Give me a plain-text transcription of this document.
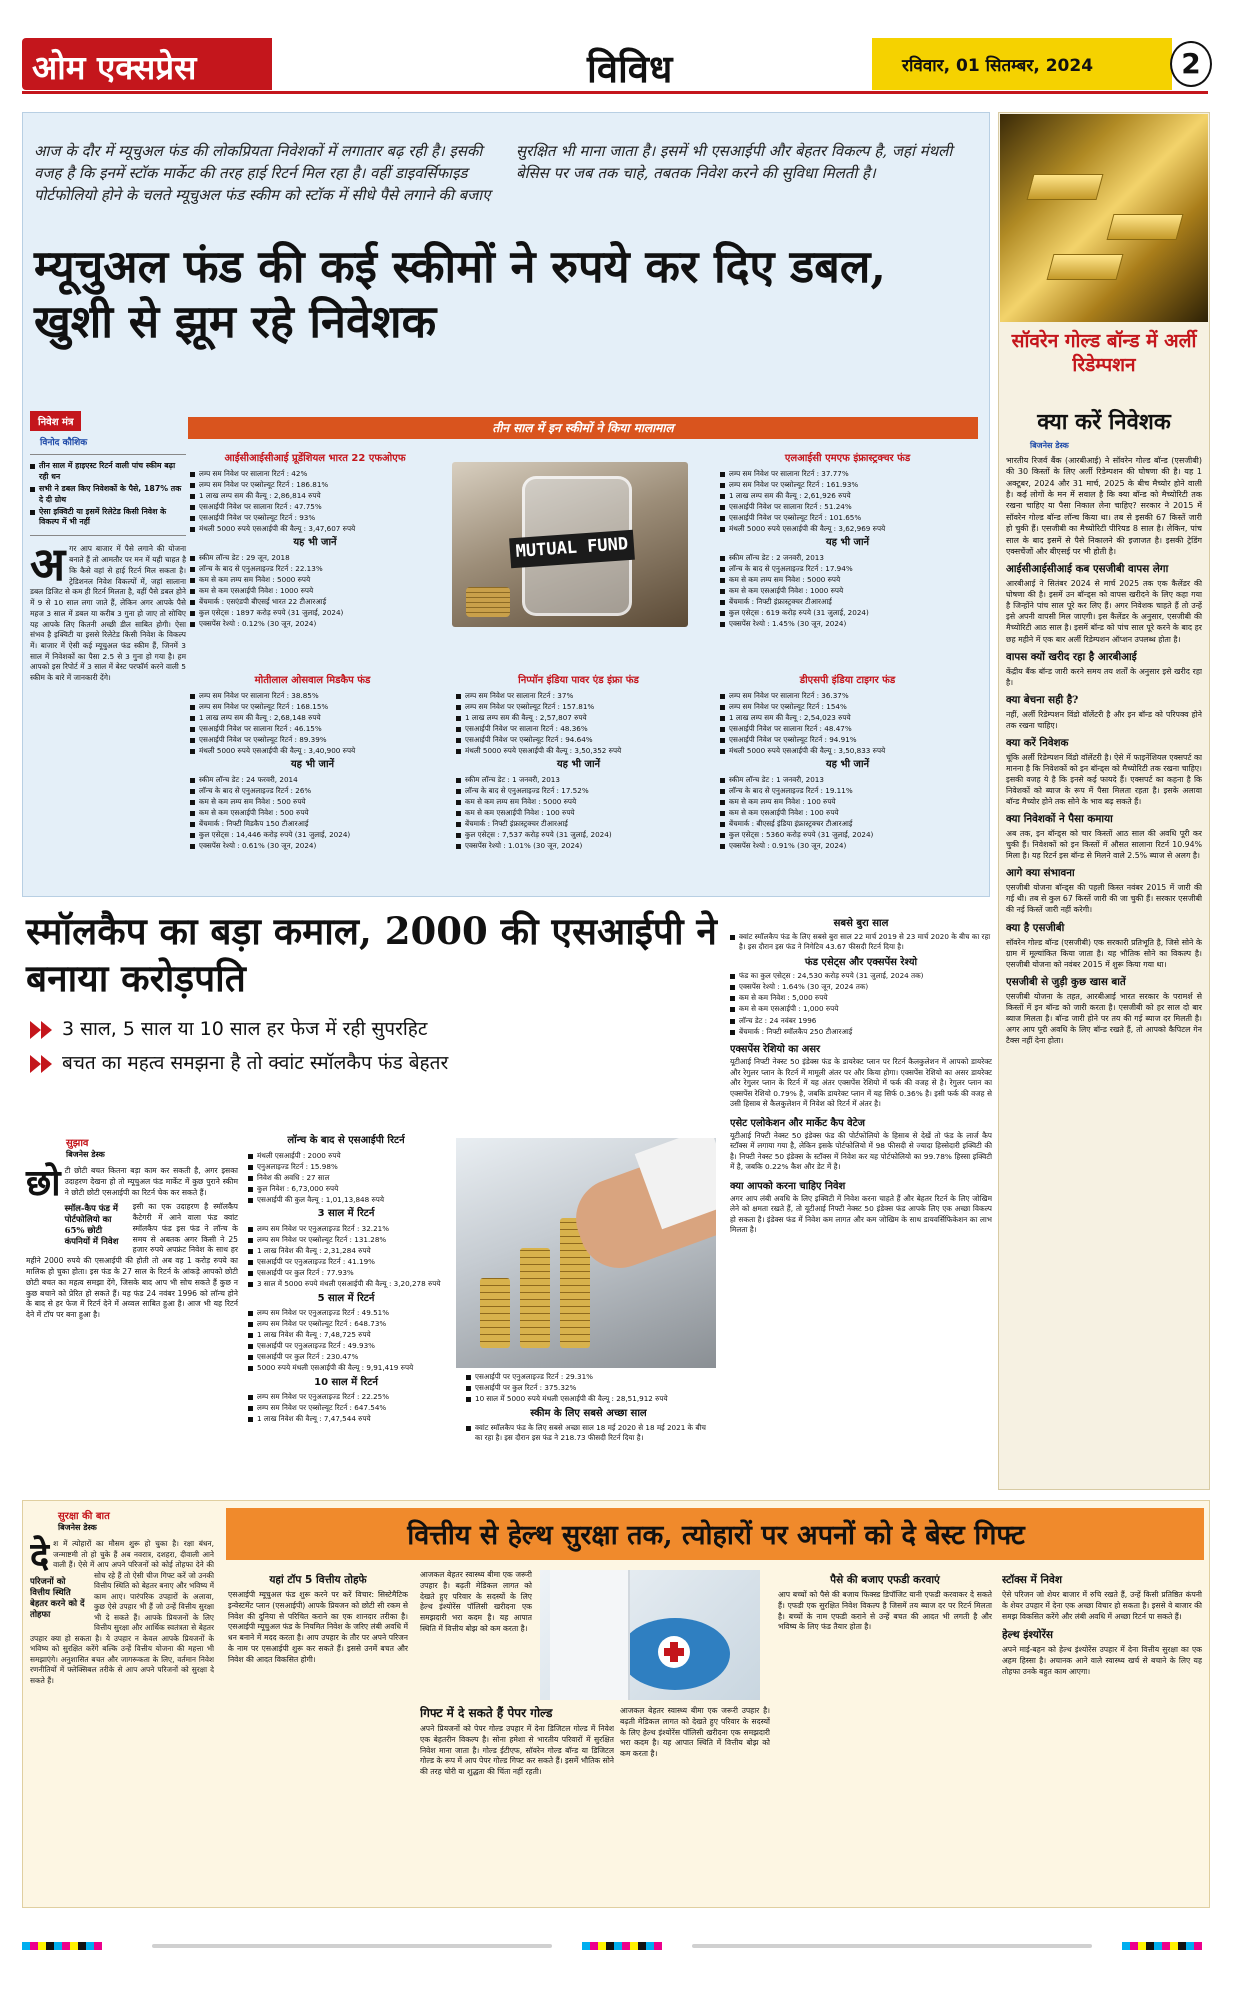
ओम एक्सप्रेस	विविध	रविवार, 01 सितम्बर, 2024	2
आज के दौर में म्यूचुअल फंड की लोकप्रियता निवेशकों में लगातार बढ़ रही है। इसकी वजह है कि इनमें स्टॉक मार्केट की तरह हाई रिटर्न मिल रहा है। वहीं डाइवर्सिफाइड पोर्टफोलियो होने के चलते म्यूचुअल फंड स्कीम को स्टॉक में सीधे पैसे लगाने की बजाए सुरक्षित भी माना जाता है। इसमें भी एसआईपी और बेहतर विकल्प है, जहां मंथली बेसिस पर जब तक चाहे, तबतक निवेश करने की सुविधा मिलती है।
म्यूचुअल फंड की कई स्कीमों ने रुपये कर दिए डबल, खुशी से झूम रहे निवेशक
निवेश मंत्र
विनोद कौशिक
तीन साल में हाइएस्ट रिटर्न वाली पांच स्कीम बढ़ा रही धन
सभी ने डबल किए निवेशकों के पैसे, 187% तक दे दी ग्रोथ
ऐसा इक्विटी या इसमें रिलेटेड किसी निवेश के विकल्प में भी नहीं
अ गर आप बाजार में पैसे लगाने की योजना बनाते हैं तो आमतौर पर मन में यही चाहत है कि कैसे वहां से हाई रिटर्न मिल सकता है। ट्रेडिशनल निवेश विकल्पों में, जहां सालाना डबल डिजिट से कम ही रिटर्न मिलता है, वहीं पैसे डबल होने में 9 से 10 साल लगा जाते हैं, लेकिन अगर आपके पैसे महज 3 साल में डबल या करीब 3 गुना हो जाए तो सोचिए यह आपके लिए कितनी अच्छी डील साबित होगी। ऐसा संभव है इक्विटी या इससे रिलेटेड किसी निवेश के विकल्प में। बाजार में ऐसी कई म्यूचुअल फंड स्कीम हैं, जिनमें 3 साल में निवेशकों का पैसा 2.5 से 3 गुना हो गया है। हम आपको इस रिपोर्ट में 3 साल में बेस्ट परफॉर्म करने वाली 5 स्कीम के बारे में जानकारी देंगे।
तीन साल में इन स्कीमों ने किया मालामाल
आईसीआईसीआई प्रूडेंशियल भारत 22 एफओएफ
लम्प सम निवेश पर सालाना रिटर्न : 42%
लम्प सम निवेश पर एब्सोल्यूट रिटर्न : 186.81%
1 लाख लम्प सम की वैल्यू : 2,86,814 रुपये
एसआईपी निवेश पर सालाना रिटर्न : 47.75%
एसआईपी निवेश पर एब्सोल्यूट रिटर्न : 93%
मंथली 5000 रुपये एसआईपी की वैल्यू : 3,47,607 रुपये
यह भी जानें
स्कीम लॉन्च डेट : 29 जून, 2018
लॉन्च के बाद से एनुअलाइज्ड रिटर्न : 22.13%
कम से कम लम्प सम निवेश : 5000 रुपये
कम से कम एसआईपी निवेश : 1000 रुपये
बेंचमार्क : एसएंडपी बीएसई भारत 22 टीआरआई
कुल एसेट्स : 1897 करोड़ रुपये (31 जुलाई, 2024)
एक्सपेंस रेश्यो : 0.12% (30 जून, 2024)
MUTUAL FUND
एलआईसी एमएफ इंफ्रास्ट्रक्चर फंड
लम्प सम निवेश पर सालाना रिटर्न : 37.77%
लम्प सम निवेश पर एब्सोल्यूट रिटर्न : 161.93%
1 लाख लम्प सम की वैल्यू : 2,61,926 रुपये
एसआईपी निवेश पर सालाना रिटर्न : 51.24%
एसआईपी निवेश पर एब्सोल्यूट रिटर्न : 101.65%
मंथली 5000 रुपये एसआईपी की वैल्यू : 3,62,969 रुपये
यह भी जानें
स्कीम लॉन्च डेट : 2 जनवरी, 2013
लॉन्च के बाद से एनुअलाइज्ड रिटर्न : 17.94%
कम से कम लम्प सम निवेश : 5000 रुपये
कम से कम एसआईपी निवेश : 1000 रुपये
बेंचमार्क : निफ्टी इंफ्रास्ट्रक्चर टीआरआई
कुल एसेट्स : 619 करोड़ रुपये (31 जुलाई, 2024)
एक्सपेंस रेश्यो : 1.45% (30 जून, 2024)
मोतीलाल ओसवाल मिडकैप फंड
लम्प सम निवेश पर सालाना रिटर्न : 38.85%
लम्प सम निवेश पर एब्सोल्यूट रिटर्न : 168.15%
1 लाख लम्प सम की वैल्यू : 2,68,148 रुपये
एसआईपी निवेश पर सालाना रिटर्न : 46.15%
एसआईपी निवेश पर एब्सोल्यूट रिटर्न : 89.39%
मंथली 5000 रुपये एसआईपी की वैल्यू : 3,40,900 रुपये
यह भी जानें
स्कीम लॉन्च डेट : 24 फरवरी, 2014
लॉन्च के बाद से एनुअलाइज्ड रिटर्न : 26%
कम से कम लम्प सम निवेश : 500 रुपये
कम से कम एसआईपी निवेश : 500 रुपये
बेंचमार्क : निफ्टी मिडकैप 150 टीआरआई
कुल एसेट्स : 14,446 करोड़ रुपये (31 जुलाई, 2024)
एक्सपेंस रेश्यो : 0.61% (30 जून, 2024)
निप्पॉन इंडिया पावर एंड इंफ्रा फंड
लम्प सम निवेश पर सालाना रिटर्न : 37%
लम्प सम निवेश पर एब्सोल्यूट रिटर्न : 157.81%
1 लाख लम्प सम की वैल्यू : 2,57,807 रुपये
एसआईपी निवेश पर सालाना रिटर्न : 48.36%
एसआईपी निवेश पर एब्सोल्यूट रिटर्न : 94.64%
मंथली 5000 रुपये एसआईपी की वैल्यू : 3,50,352 रुपये
यह भी जानें
स्कीम लॉन्च डेट : 1 जनवरी, 2013
लॉन्च के बाद से एनुअलाइज्ड रिटर्न : 17.52%
कम से कम लम्प सम निवेश : 5000 रुपये
कम से कम एसआईपी निवेश : 100 रुपये
बेंचमार्क : निफ्टी इंफ्रास्ट्रक्चर टीआरआई
कुल एसेट्स : 7,537 करोड़ रुपये (31 जुलाई, 2024)
एक्सपेंस रेश्यो : 1.01% (30 जून, 2024)
डीएसपी इंडिया टाइगर फंड
लम्प सम निवेश पर सालाना रिटर्न : 36.37%
लम्प सम निवेश पर एब्सोल्यूट रिटर्न : 154%
1 लाख लम्प सम की वैल्यू : 2,54,023 रुपये
एसआईपी निवेश पर सालाना रिटर्न : 48.47%
एसआईपी निवेश पर एब्सोल्यूट रिटर्न : 94.91%
मंथली 5000 रुपये एसआईपी की वैल्यू : 3,50,833 रुपये
यह भी जानें
स्कीम लॉन्च डेट : 1 जनवरी, 2013
लॉन्च के बाद से एनुअलाइज्ड रिटर्न : 19.11%
कम से कम लम्प सम निवेश : 100 रुपये
कम से कम एसआईपी निवेश : 100 रुपये
बेंचमार्क : बीएसई इंडिया इंफ्रास्ट्रक्चर टीआरआई
कुल एसेट्स : 5360 करोड़ रुपये (31 जुलाई, 2024)
एक्सपेंस रेश्यो : 0.91% (30 जून, 2024)
सॉवरेन गोल्ड बॉन्ड में अर्ली रिडेम्पशन
क्या करें निवेशक
बिजनेस डेस्क

भारतीय रिजर्व बैंक (आरबीआई) ने सॉवरेन गोल्ड बॉन्ड (एसजीबी) की 30 किस्तों के लिए अर्ली रिडेम्पशन की घोषणा की है। यह 1 अक्टूबर, 2024 और 31 मार्च, 2025 के बीच मैच्योर होने वाली है। कई लोगों के मन में सवाल है कि क्या बॉन्ड को मैच्योरिटी तक रखना चाहिए या पैसा निकाल लेना चाहिए? सरकार ने 2015 में सॉवरेन गोल्ड बॉन्ड लॉन्च किया था। तब से इसकी 67 किस्तें जारी हो चुकी हैं। एसजीबी का मैच्योरिटी पीरियड 8 साल है। लेकिन, पांच साल के बाद इसमें से पैसे निकालने की इजाजत है। इसकी ट्रेडिंग एक्सचेंजों और बीएसई पर भी होती है।

आईसीआईसीआई कब एसजीबी वापस लेगा

आरबीआई ने सितंबर 2024 से मार्च 2025 तक एक कैलेंडर की घोषणा की है। इसमें उन बॉन्ड्स को वापस खरीदने के लिए कहा गया है जिन्होंने पांच साल पूरे कर लिए हैं। अगर निवेशक चाहते हैं तो उन्हें इसे अपनी वापसी मिल जाएगी। इस कैलेंडर के अनुसार, एसजीबी की मैच्योरिटी आठ साल है। इसमें बॉन्ड को पांच साल पूरे करने के बाद हर छह महीने में एक बार अर्ली रिडेम्पशन ऑप्शन उपलब्ध होता है।

वापस क्यों खरीद रहा है आरबीआई

केंद्रीय बैंक बॉन्ड जारी करने समय तय शर्तों के अनुसार इसे खरीद रहा है।

क्या बेचना सही है?

नहीं, अर्ली रिडेम्पशन विंडो वॉलेंटरी है और इन बॉन्ड को परिपक्व होने तक रखना चाहिए।

क्या करें निवेशक

चूंकि अर्ली रिडेम्पशन विंडो वॉलेंटरी है। ऐसे में फाइनेंशियल एक्सपर्ट का मानना है कि निवेशकों को इन बॉन्ड्स को मैच्योरिटी तक रखना चाहिए। इसकी वजह ये है कि इनसे कई फायदे हैं। एक्सपर्ट का कहना है कि निवेशकों को ब्याज के रूप में पैसा मिलता रहता है। इसके अलावा बॉन्ड मैच्योर होने तक सोने के भाव बढ़ सकते हैं।

क्या निवेशकों ने पैसा कमाया

अब तक, इन बॉन्ड्स को चार किस्तों आठ साल की अवधि पूरी कर चुकी हैं। निवेशकों को इन किस्तों में औसत सालाना रिटर्न 10.94% मिला है। यह रिटर्न इस बॉन्ड से मिलने वाले 2.5% ब्याज से अलग है।

आगे क्या संभावना

एसजीबी योजना बॉन्ड्स की पहली किस्त नवंबर 2015 में जारी की गई थी। तब से कुल 67 किस्तें जारी की जा चुकी हैं। सरकार एसजीबी की नई किस्तें जारी नहीं करेगी।

क्या है एसजीबी

सॉवरेन गोल्ड बॉन्ड (एसजीबी) एक सरकारी प्रतिभूति है, जिसे सोने के ग्राम में मूल्यांकित किया जाता है। यह भौतिक सोने का विकल्प है। एसजीबी योजना को नवंबर 2015 में शुरू किया गया था।

एसजीबी से जुड़ी कुछ खास बातें

एसजीबी योजना के तहत, आरबीआई भारत सरकार के परामर्श से किस्तों में इन बॉन्ड को जारी करता है। एसजीबी को हर साल दो बार ब्याज मिलता है। बॉन्ड जारी होने पर तय की गई ब्याज दर मिलती है। अगर आप पूरी अवधि के लिए बॉन्ड रखते हैं, तो आपको कैपिटल गेन टैक्स नहीं देना होता।

स्मॉलकैप का बड़ा कमाल, 2000 की एसआईपी ने बनाया करोड़पति
3 साल, 5 साल या 10 साल हर फेज में रही सुपरहिट
बचत का महत्व समझना है तो क्वांट स्मॉलकैप फंड बेहतर
सुझाव
बिजनेस डेस्क
छो टी छोटी बचत कितना बड़ा काम कर सकती है, अगर इसका उदाहरण देखना हो तो म्यूचुअल फंड मार्केट में कुछ पुराने स्कीम ने छोटी छोटी एसआईपी का रिटर्न चेक कर सकते हैं।

स्मॉल-कैप फंड में पोर्टफोलियो का 65% छोटी कंपनियों में निवेश

इसी का एक उदाहरण है स्मॉलकैप कैटेगरी में आने वाला फंड क्वांट स्मॉलकैप फंड इस फंड ने लॉन्च के समय से अबतक अगर किसी ने 25 हजार रुपये अपफ्रंट निवेश के साथ हर महीने 2000 रुपये की एसआईपी की होती तो अब वह 1 करोड़ रुपये का मालिक हो चुका होता। इस फंड के 27 साल के रिटर्न के आंकड़े आपको छोटी छोटी बचत का महत्व समझा देंगे, जिसके बाद आप भी सोच सकते हैं कुछ न कुछ बचाने को प्रेरित हो सकते हैं। यह फंड 24 नवंबर 1996 को लॉन्च होने के बाद से हर फेज में रिटर्न देने में अव्वल साबित हुआ है। आज भी यह रिटर्न देने में टॉप पर बना हुआ है।

लॉन्च के बाद से एसआईपी रिटर्न
मंथली एसआईपी : 2000 रुपये
एनुअलाइज्ड रिटर्न : 15.98%
निवेश की अवधि : 27 साल
कुल निवेश : 6,73,000 रुपये
एसआईपी की कुल वैल्यू : 1,01,13,848 रुपये
3 साल में रिटर्न
लम्प सम निवेश पर एनुअलाइज्ड रिटर्न : 32.21%
लम्प सम निवेश पर एब्सोल्यूट रिटर्न : 131.28%
1 लाख निवेश की वैल्यू : 2,31,284 रुपये
एसआईपी पर एनुअलाइज्ड रिटर्न : 41.19%
एसआईपी पर कुल रिटर्न : 77.93%
3 साल में 5000 रुपये मंथली एसआईपी की वैल्यू : 3,20,278 रुपये
5 साल में रिटर्न
लम्प सम निवेश पर एनुअलाइज्ड रिटर्न : 49.51%
लम्प सम निवेश पर एब्सोल्यूट रिटर्न : 648.73%
1 लाख निवेश की वैल्यू : 7,48,725 रुपये
एसआईपी पर एनुअलाइज्ड रिटर्न : 49.93%
एसआईपी पर कुल रिटर्न : 230.47%
5000 रुपये मंथली एसआईपी की वैल्यू : 9,91,419 रुपये
10 साल में रिटर्न
लम्प सम निवेश पर एनुअलाइज्ड रिटर्न : 22.25%
लम्प सम निवेश पर एब्सोल्यूट रिटर्न : 647.54%
1 लाख निवेश की वैल्यू : 7,47,544 रुपये
एसआईपी पर एनुअलाइज्ड रिटर्न : 29.31%
एसआईपी पर कुल रिटर्न : 375.32%
10 साल में 5000 रुपये मंथली एसआईपी की वैल्यू : 28,51,912 रुपये
स्कीम के लिए सबसे अच्छा साल
क्वांट स्मॉलकैप फंड के लिए सबसे अच्छा साल 18 मई 2020 से 18 मई 2021 के बीच का रहा है। इस दौरान इस फंड ने 218.73 फीसदी रिटर्न दिया है।
सबसे बुरा साल
क्वांट स्मॉलकैप फंड के लिए सबसे बुरा साल 22 मार्च 2019 से 23 मार्च 2020 के बीच का रहा है। इस दौरान इस फंड ने निगेटिव 43.67 फीसदी रिटर्न दिया है।
फंड एसेट्स और एक्सपेंस रेश्यो
फंड का कुल एसेट्स : 24,530 करोड़ रुपये (31 जुलाई, 2024 तक)
एक्सपेंस रेश्यो : 1.64% (30 जून, 2024 तक)
कम से कम निवेश : 5,000 रुपये
कम से कम एसआईपी : 1,000 रुपये
लॉन्च डेट : 24 नवंबर 1996
बेंचमार्क : निफ्टी स्मॉलकैप 250 टीआरआई
एक्सपेंस रेशियो का असर

यूटीआई निफ्टी नेक्स्ट 50 इंडेक्स फंड के डायरेक्ट प्लान पर रिटर्न कैलकुलेशन में आपको डायरेक्ट और रेगुलर प्लान के रिटर्न में मामूली अंतर पर और किया होगा। एक्सपेंस रेशियो का असर डायरेक्ट और रेगुलर प्लान के रिटर्न में यह अंतर एक्सपेंस रेशियो में फर्क की वजह से है। रेगुलर प्लान का एक्सपेंस रेशियो 0.79% है, जबकि डायरेक्ट प्लान में यह सिर्फ 0.36% है। इसी फर्क की वजह से उसी हिसाब से कैलकुलेशन में निवेश को रिटर्न में अंतर है।

एसेट एलोकेशन और मार्केट कैप वेटेज

यूटीआई निफ्टी नेक्स्ट 50 इंडेक्स फंड की पोर्टफोलियो के हिसाब से देखें तो फंड के लार्ज कैप स्टॉक्स में लगाया गया है, लेकिन इसके पोर्टफोलियो में 98 फीसदी से ज्यादा हिस्सेदारी इक्विटी की है। निफ्टी नेक्स्ट 50 इंडेक्स के स्टॉक्स में निवेश कर यह पोर्टफोलियो का 99.78% हिस्सा इक्विटी में है, जबकि 0.22% कैश और डेट में है।

क्या आपको करना चाहिए निवेश

अगर आप लंबी अवधि के लिए इक्विटी में निवेश करना चाहते हैं और बेहतर रिटर्न के लिए जोखिम लेने को क्षमता रखते हैं, तो यूटीआई निफ्टी नेक्स्ट 50 इंडेक्स फंड आपके लिए एक अच्छा विकल्प हो सकता है। इंडेक्स फंड में निवेश कम लागत और कम जोखिम के साथ डायवर्सिफिकेशन का लाभ मिलता है।

वित्तीय से हेल्थ सुरक्षा तक, त्योहारों पर अपनों को दे बेस्ट गिफ्ट
सुरक्षा की बात
बिजनेस डेस्क
दे
परिजनों को वित्तीय स्थिति बेहतर करने को दें तोहफा

श में त्योहारों का मौसम शुरू हो चुका है। रक्षा बंधन, जन्माष्टमी तो हो चुके हैं अब नवरात्र, दशहरा, दीवाली आने वाली हैं। ऐसे में आप अपने परिजनों को कोई तोहफा देने की सोच रहे हैं तो ऐसी चीज गिफ्ट करें जो उनकी वित्तीय स्थिति को बेहतर बनाए और भविष्य में काम आए। पारंपरिक उपहारों के अलावा, कुछ ऐसे उपहार भी हैं जो उन्हें वित्तीय सुरक्षा भी दे सकते हैं। आपके प्रियजनों के लिए वित्तीय सुरक्षा और आर्थिक स्वतंत्रता से बेहतर उपहार क्या हो सकता है। ये उपहार न केवल आपके प्रियजनों के भविष्य को सुरक्षित करेंगे बल्कि उन्हें वित्तीय योजना की महत्ता भी समझाएंगे। अनुशासित बचत और जागरूकता के लिए, वर्तमान निवेश रणनीतियों में फ्लेक्सिबल तरीके से आप अपने परिजनों को सुरक्षा दे सकते हैं।

यहां टॉप 5 वित्तीय तोहफे

एसआईपी म्यूचुअल फंड शुरू करने पर करें विचार: सिस्टेमैटिक इन्वेस्टमेंट प्लान (एसआईपी) आपके प्रियजन को छोटी सी रकम से निवेश की दुनिया से परिचित कराने का एक शानदार तरीका है। एसआईपी म्यूचुअल फंड के नियमित निवेश के जरिए लंबी अवधि में धन बनाने में मदद करता है। आप उपहार के तौर पर अपने परिजन के नाम पर एसआईपी शुरू कर सकते हैं। इससे उनमें बचत और निवेश की आदत विकसित होगी।

आजकल बेहतर स्वास्थ्य बीमा एक जरूरी उपहार है। बढ़ती मेडिकल लागत को देखते हुए परिवार के सदस्यों के लिए हेल्थ इंश्योरेंस पॉलिसी खरीदना एक समझदारी भरा कदम है। यह आपात स्थिति में वित्तीय बोझ को कम करता है।

गिफ्ट में दे सकते हैं पेपर गोल्ड

अपने प्रियजनों को पेपर गोल्ड उपहार में देना डिजिटल गोल्ड में निवेश एक बेहतरीन विकल्प है। सोना हमेशा से भारतीय परिवारों में सुरक्षित निवेश माना जाता है। गोल्ड ईटीएफ, सॉवरेन गोल्ड बॉन्ड या डिजिटल गोल्ड के रूप में आप पेपर गोल्ड गिफ्ट कर सकते हैं। इसमें भौतिक सोने की तरह चोरी या शुद्धता की चिंता नहीं रहती।

आजकल बेहतर स्वास्थ्य बीमा एक जरूरी उपहार है। बढ़ती मेडिकल लागत को देखते हुए परिवार के सदस्यों के लिए हेल्थ इंश्योरेंस पॉलिसी खरीदना एक समझदारी भरा कदम है। यह आपात स्थिति में वित्तीय बोझ को कम करता है।

पैसे की बजाए एफडी करवाएं

आप बच्चों को पैसे की बजाय फिक्स्ड डिपॉजिट यानी एफडी करवाकर दे सकते हैं। एफडी एक सुरक्षित निवेश विकल्प है जिसमें तय ब्याज दर पर रिटर्न मिलता है। बच्चों के नाम एफडी कराने से उन्हें बचत की आदत भी लगती है और भविष्य के लिए फंड तैयार होता है।

स्टॉक्स में निवेश

ऐसे परिजन जो शेयर बाजार में रुचि रखते हैं, उन्हें किसी प्रतिष्ठित कंपनी के शेयर उपहार में देना एक अच्छा विचार हो सकता है। इससे वे बाजार की समझ विकसित करेंगे और लंबी अवधि में अच्छा रिटर्न पा सकते हैं।

हेल्थ इंश्योरेंस

अपने माई-बहन को हेल्थ इंश्योरेंस उपहार में देना वित्तीय सुरक्षा का एक अहम हिस्सा है। अचानक आने वाले स्वास्थ्य खर्च से बचाने के लिए यह तोहफा उनके बहुत काम आएगा।
